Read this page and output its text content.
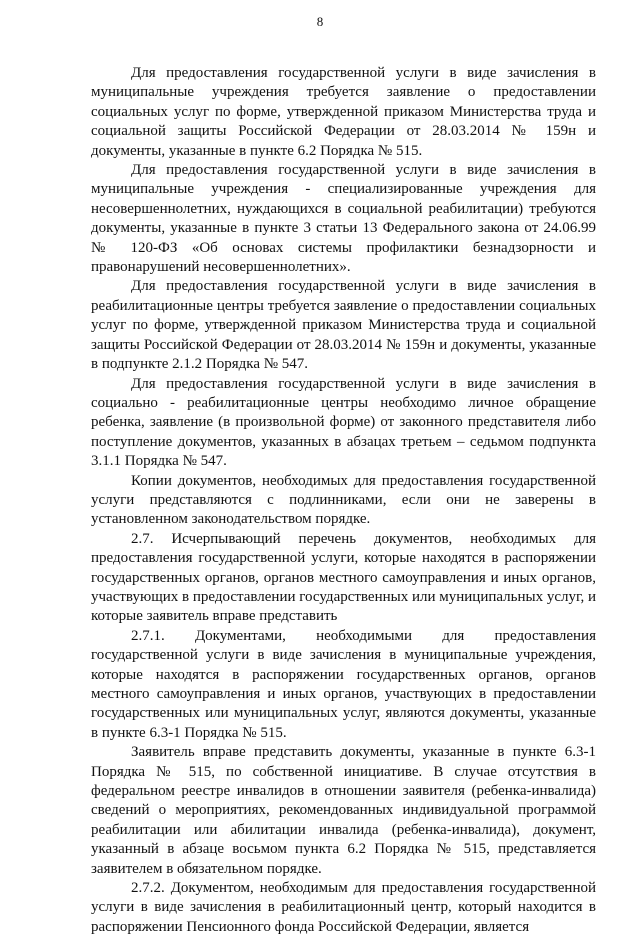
8

Для предоставления государственной услуги в виде зачисления в муниципальные учреждения требуется заявление о предоставлении социальных услуг по форме, утвержденной приказом Министерства труда и социальной защиты Российской Федерации от 28.03.2014 № 159н и документы, указанные в пункте 6.2 Порядка № 515.

Для предоставления государственной услуги в виде зачисления в муниципальные учреждения - специализированные учреждения для несовершеннолетних, нуждающихся в социальной реабилитации) требуются документы, указанные в пункте 3 статьи 13 Федерального закона от 24.06.99 № 120-ФЗ «Об основах системы профилактики безнадзорности и правонарушений несовершеннолетних».

Для предоставления государственной услуги в виде зачисления в реабилитационные центры требуется заявление о предоставлении социальных услуг по форме, утвержденной приказом Министерства труда и социальной защиты Российской Федерации от 28.03.2014 № 159н и документы, указанные в подпункте 2.1.2 Порядка № 547.

Для предоставления государственной услуги в виде зачисления в социально - реабилитационные центры необходимо личное обращение ребенка, заявление (в произвольной форме) от законного представителя либо поступление документов, указанных в абзацах третьем – седьмом подпункта 3.1.1 Порядка № 547.

Копии документов, необходимых для предоставления государственной услуги представляются с подлинниками, если они не заверены в установленном законодательством порядке.

2.7. Исчерпывающий перечень документов, необходимых для предоставления государственной услуги, которые находятся в распоряжении государственных органов, органов местного самоуправления и иных органов, участвующих в предоставлении государственных или муниципальных услуг, и которые заявитель вправе представить

2.7.1. Документами, необходимыми для предоставления государственной услуги в виде зачисления в муниципальные учреждения, которые находятся в распоряжении государственных органов, органов местного самоуправления и иных органов, участвующих в предоставлении государственных или муниципальных услуг, являются документы, указанные в пункте 6.3-1 Порядка № 515.

Заявитель вправе представить документы, указанные в пункте 6.3-1 Порядка № 515, по собственной инициативе. В случае отсутствия в федеральном реестре инвалидов в отношении заявителя (ребенка-инвалида) сведений о мероприятиях, рекомендованных индивидуальной программой реабилитации или абилитации инвалида (ребенка-инвалида), документ, указанный в абзаце восьмом пункта 6.2 Порядка № 515, представляется заявителем в обязательном порядке.

2.7.2. Документом, необходимым для предоставления государственной услуги в виде зачисления в реабилитационный центр, который находится в распоряжении Пенсионного фонда Российской Федерации, является
